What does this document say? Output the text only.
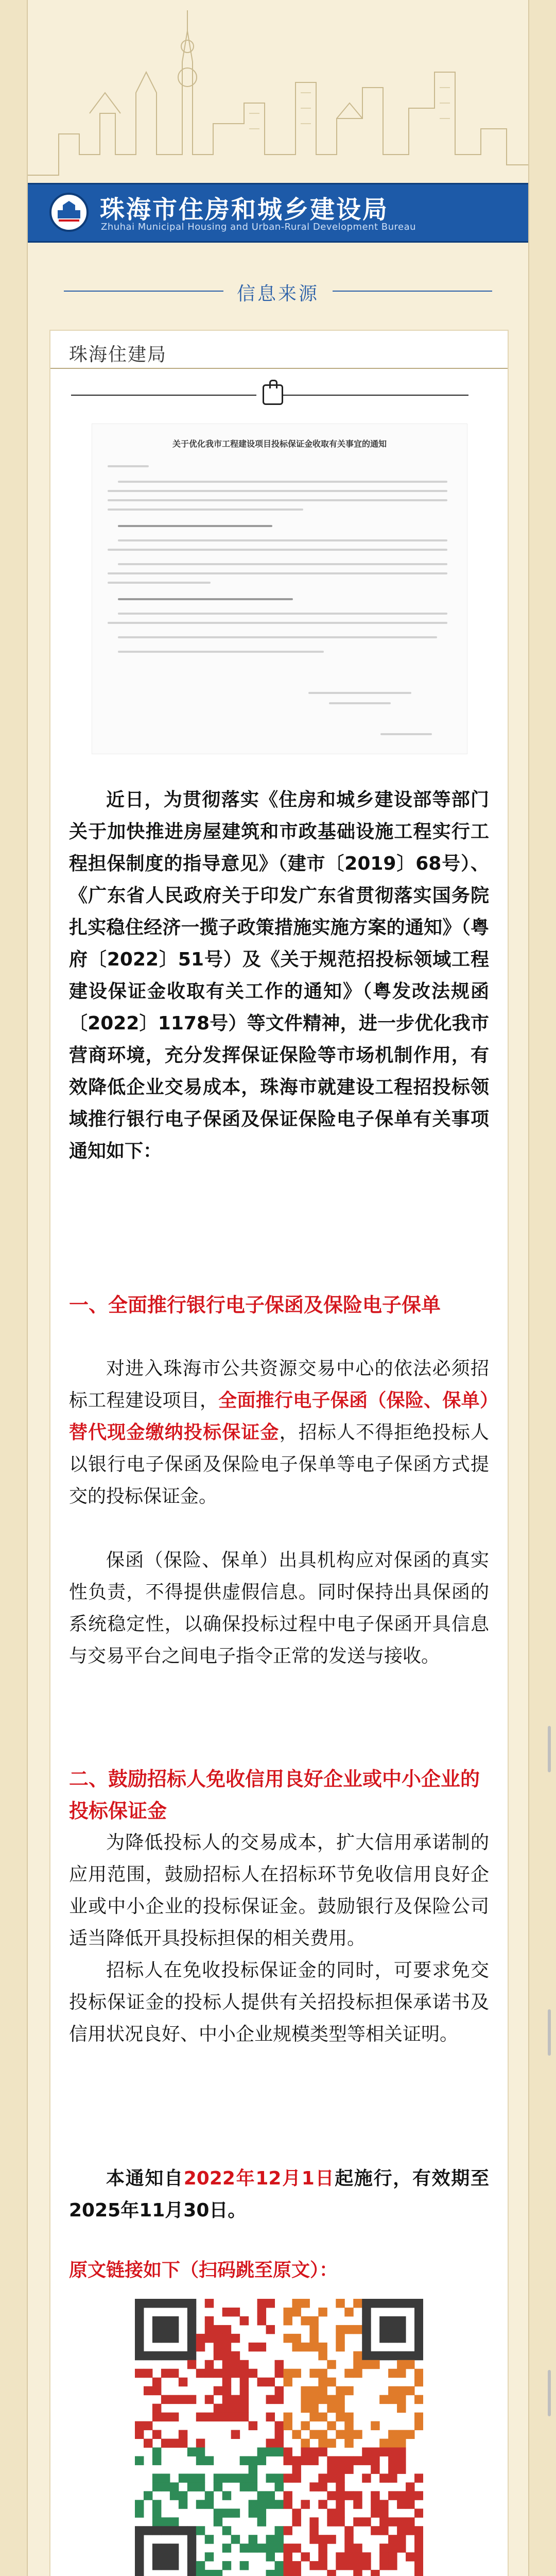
珠海市住房和城乡建设局
Zhuhai Municipal Housing and Urban-Rural Development Bureau
信息来源
珠海住建局
关于优化我市工程建设项目投标保证金收取有关事宜的通知
近日，为贯彻落实《住房和城乡建设部等部门关于加快推进房屋建筑和市政基础设施工程实行工程担保制度的指导意见》（建市〔2019〕68号）、《广东省人民政府关于印发广东省贯彻落实国务院扎实稳住经济一揽子政策措施实施方案的通知》（粤府〔2022〕51号）及《关于规范招投标领域工程建设保证金收取有关工作的通知》（粤发改法规函〔2022〕1178号）等文件精神，进一步优化我市营商环境，充分发挥保证保险等市场机制作用，有效降低企业交易成本，珠海市就建设工程招投标领域推行银行电子保函及保证保险电子保单有关事项通知如下：
一、全面推行银行电子保函及保险电子保单
对进入珠海市公共资源交易中心的依法必须招标工程建设项目，全面推行电子保函（保险、保单）替代现金缴纳投标保证金，招标人不得拒绝投标人以银行电子保函及保险电子保单等电子保函方式提交的投标保证金。
保函（保险、保单）出具机构应对保函的真实性负责，不得提供虚假信息。同时保持出具保函的系统稳定性，以确保投标过程中电子保函开具信息与交易平台之间电子指令正常的发送与接收。
二、鼓励招标人免收信用良好企业或中小企业的投标保证金
为降低投标人的交易成本，扩大信用承诺制的应用范围，鼓励招标人在招标环节免收信用良好企业或中小企业的投标保证金。鼓励银行及保险公司适当降低开具投标担保的相关费用。
招标人在免收投标保证金的同时，可要求免交投标保证金的投标人提供有关招投标担保承诺书及信用状况良好、中小企业规模类型等相关证明。
本通知自2022年12月1日起施行，有效期至2025年11月30日。
原文链接如下（扫码跳至原文）：
